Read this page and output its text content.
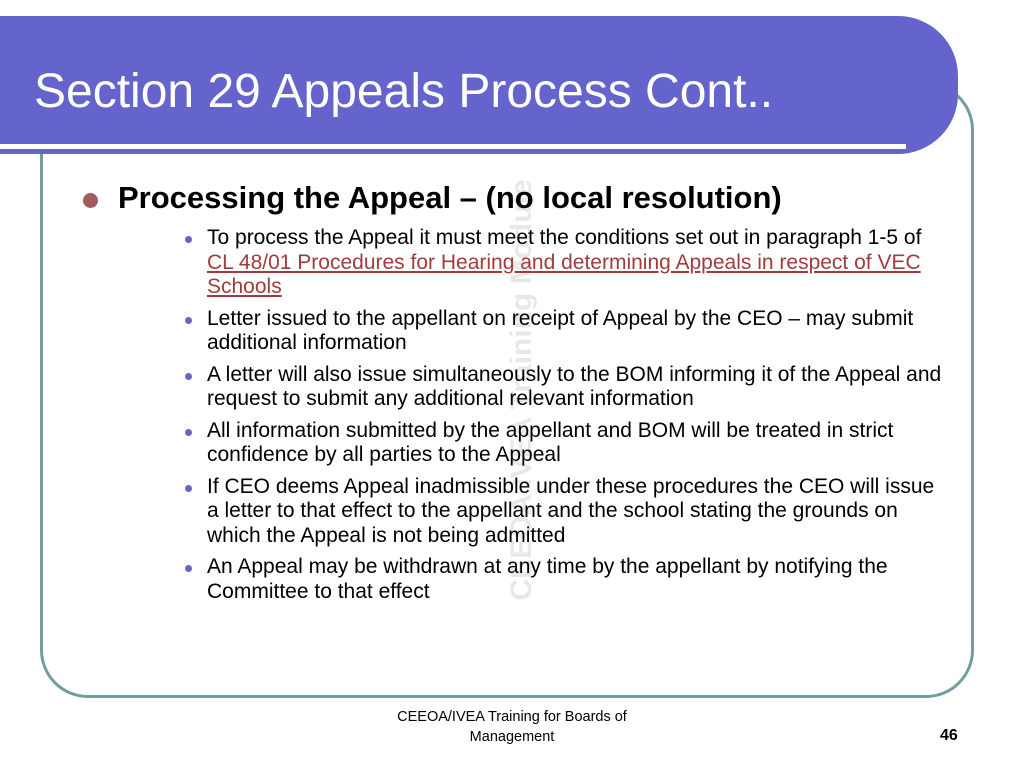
Section 29 Appeals Process Cont..
CEEOA IVEA Training Module
Processing the Appeal – (no local resolution)
To process the Appeal it must meet the conditions set out in paragraph 1-5 of CL 48/01 Procedures for Hearing and determining Appeals in respect of VEC Schools
Letter issued to the appellant on receipt of Appeal by the CEO – may submit additional information
A letter will also issue simultaneously to the BOM informing it of the Appeal and request to submit any additional relevant information
All information submitted by the appellant and BOM will be treated in strict confidence by all parties to the Appeal
If CEO deems Appeal inadmissible under these procedures the CEO will issue a letter to that effect to the appellant and the school stating the grounds on which the Appeal is not being admitted
An Appeal may be withdrawn at any time by the appellant by notifying the Committee to that effect
CEEOA/IVEA Training for Boards of Management	46
